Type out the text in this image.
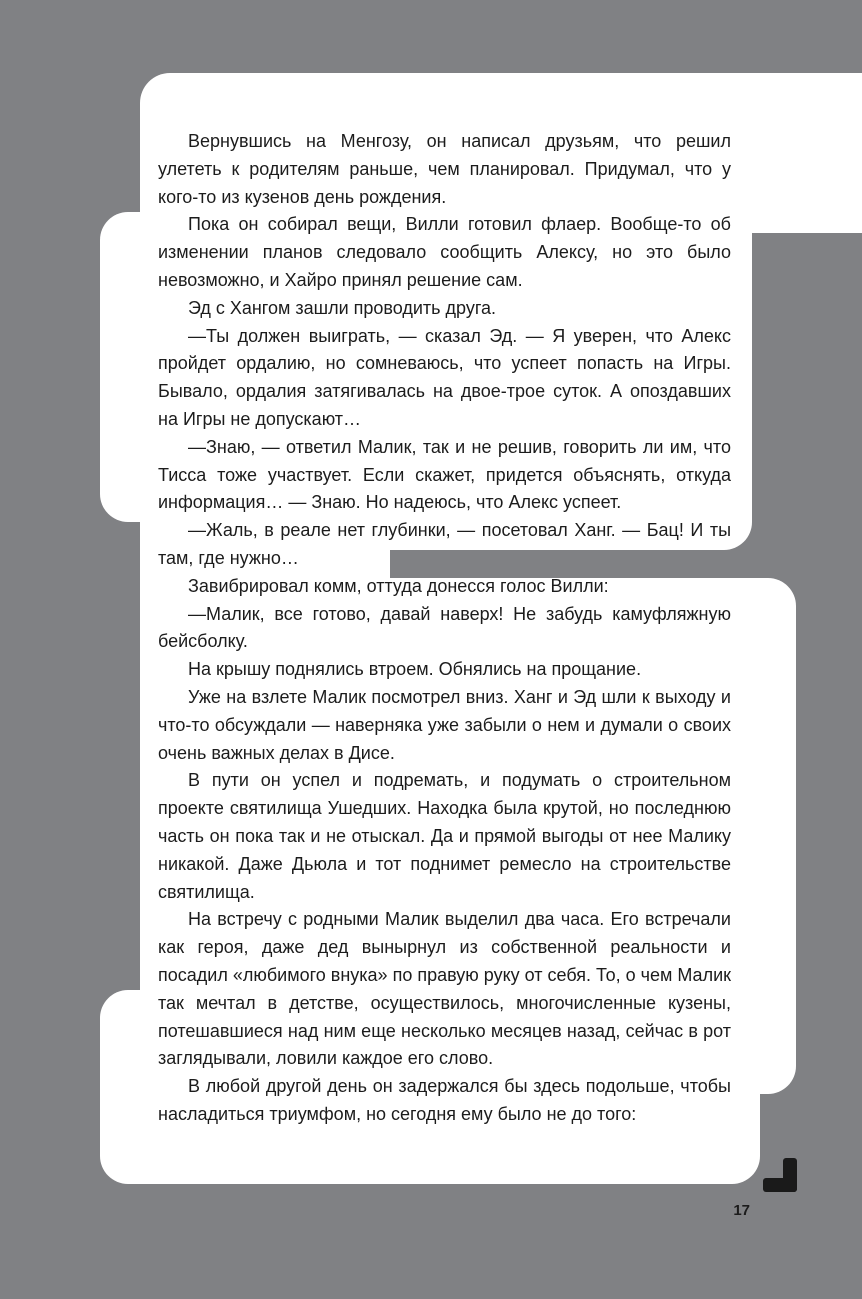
Вернувшись на Менгозу, он написал друзьям, что решил улететь к родителям раньше, чем планировал. Придумал, что у кого-то из кузенов день рождения.

Пока он собирал вещи, Вилли готовил флаер. Вообще-то об изменении планов следовало сообщить Алексу, но это было невозможно, и Хайро принял решение сам.

Эд с Хангом зашли проводить друга.

—Ты должен выиграть, — сказал Эд. — Я уверен, что Алекс пройдет ордалию, но сомневаюсь, что успеет попасть на Игры. Бывало, ордалия затягивалась на двое-трое суток. А опоздавших на Игры не допускают…

—Знаю, — ответил Малик, так и не решив, говорить ли им, что Тисса тоже участвует. Если скажет, придется объяснять, откуда информация… — Знаю. Но надеюсь, что Алекс успеет.

—Жаль, в реале нет глубинки, — посетовал Ханг. — Бац! И ты там, где нужно…

Завибрировал комм, оттуда донесся голос Вилли:

—Малик, все готово, давай наверх! Не забудь камуфляжную бейсболку.

На крышу поднялись втроем. Обнялись на прощание.

Уже на взлете Малик посмотрел вниз. Ханг и Эд шли к выходу и что-то обсуждали — наверняка уже забыли о нем и думали о своих очень важных делах в Дисе.

В пути он успел и подремать, и подумать о строительном проекте святилища Ушедших. Находка была крутой, но последнюю часть он пока так и не отыскал. Да и прямой выгоды от нее Малику никакой. Даже Дьюла и тот поднимет ремесло на строительстве святилища.

На встречу с родными Малик выделил два часа. Его встречали как героя, даже дед вынырнул из собственной реальности и посадил «любимого внука» по правую руку от себя. То, о чем Малик так мечтал в детстве, осуществилось, многочисленные кузены, потешавшиеся над ним еще несколько месяцев назад, сейчас в рот заглядывали, ловили каждое его слово.

В любой другой день он задержался бы здесь подольше, чтобы насладиться триумфом, но сегодня ему было не до того:

17
